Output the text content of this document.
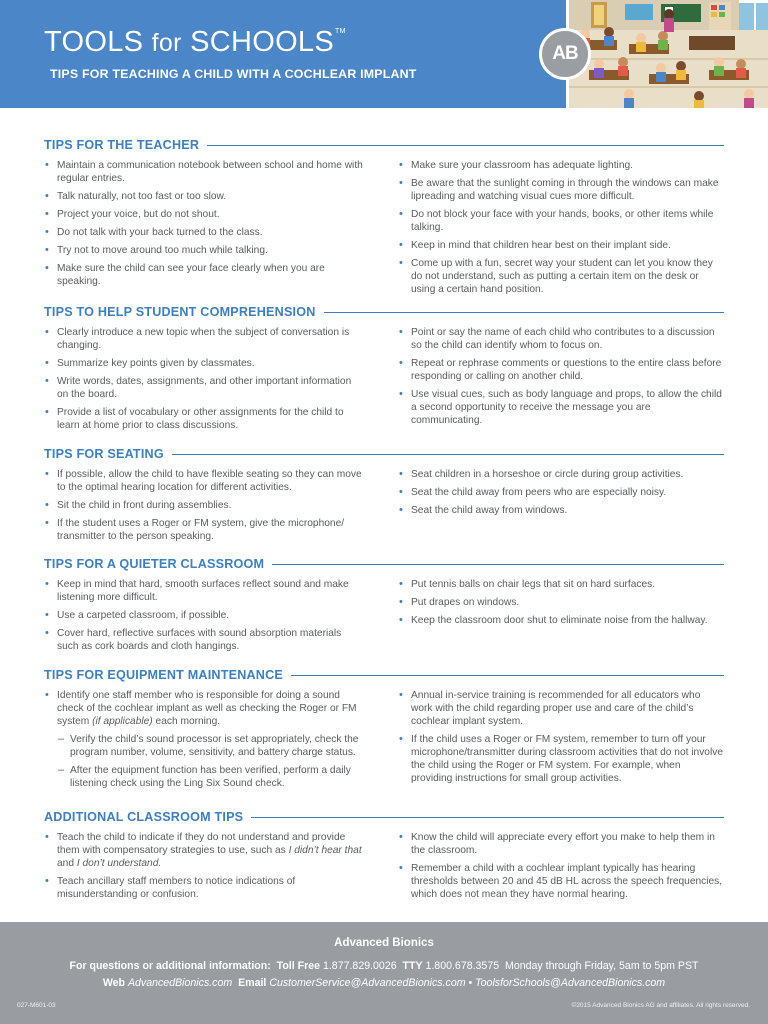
TOOLS for SCHOOLS™
TIPS FOR TEACHING A CHILD WITH A COCHLEAR IMPLANT
AB
TIPS FOR THE TEACHER
• Maintain a communication notebook between school and home with regular entries.
• Talk naturally, not too fast or too slow.
• Project your voice, but do not shout.
• Do not talk with your back turned to the class.
• Try not to move around too much while talking.
• Make sure the child can see your face clearly when you are speaking.
• Make sure your classroom has adequate lighting.
• Be aware that the sunlight coming in through the windows can make lipreading and watching visual cues more difficult.
• Do not block your face with your hands, books, or other items while talking.
• Keep in mind that children hear best on their implant side.
• Come up with a fun, secret way your student can let you know they do not understand, such as putting a certain item on the desk or using a certain hand position.
TIPS TO HELP STUDENT COMPREHENSION
• Clearly introduce a new topic when the subject of conversation is changing.
• Summarize key points given by classmates.
• Write words, dates, assignments, and other important information on the board.
• Provide a list of vocabulary or other assignments for the child to learn at home prior to class discussions.
• Point or say the name of each child who contributes to a discussion so the child can identify whom to focus on.
• Repeat or rephrase comments or questions to the entire class before responding or calling on another child.
• Use visual cues, such as body language and props, to allow the child a second opportunity to receive the message you are communicating.
TIPS FOR SEATING
• If possible, allow the child to have flexible seating so they can move to the optimal hearing location for different activities.
• Sit the child in front during assemblies.
• If the student uses a Roger or FM system, give the microphone/ transmitter to the person speaking.
• Seat children in a horseshoe or circle during group activities.
• Seat the child away from peers who are especially noisy.
• Seat the child away from windows.
TIPS FOR A QUIETER CLASSROOM
• Keep in mind that hard, smooth surfaces reflect sound and make listening more difficult.
• Use a carpeted classroom, if possible.
• Cover hard, reflective surfaces with sound absorption materials such as cork boards and cloth hangings.
• Put tennis balls on chair legs that sit on hard surfaces.
• Put drapes on windows.
• Keep the classroom door shut to eliminate noise from the hallway.
TIPS FOR EQUIPMENT MAINTENANCE
• Identify one staff member who is responsible for doing a sound check of the cochlear implant as well as checking the Roger or FM system (if applicable) each morning.
– Verify the child’s sound processor is set appropriately, check the program number, volume, sensitivity, and battery charge status.
– After the equipment function has been verified, perform a daily listening check using the Ling Six Sound check.
• Annual in-service training is recommended for all educators who work with the child regarding proper use and care of the child’s cochlear implant system.
• If the child uses a Roger or FM system, remember to turn off your microphone/transmitter during classroom activities that do not involve the child using the Roger or FM system. For example, when providing instructions for small group activities.
ADDITIONAL CLASSROOM TIPS
• Teach the child to indicate if they do not understand and provide them with compensatory strategies to use, such as I didn’t hear that and I don’t understand.
• Teach ancillary staff members to notice indications of misunderstanding or confusion.
• Know the child will appreciate every effort you make to help them in the classroom.
• Remember a child with a cochlear implant typically has hearing thresholds between 20 and 45 dB HL across the speech frequencies, which does not mean they have normal hearing.
Advanced Bionics
For questions or additional information: Toll Free 1.877.829.0026 TTY 1.800.678.3575 Monday through Friday, 5am to 5pm PST
Web AdvancedBionics.com Email CustomerService@AdvancedBionics.com • ToolsforSchools@AdvancedBionics.com
027-M601-03	©2015 Advanced Bionics AG and affiliates. All rights reserved.
